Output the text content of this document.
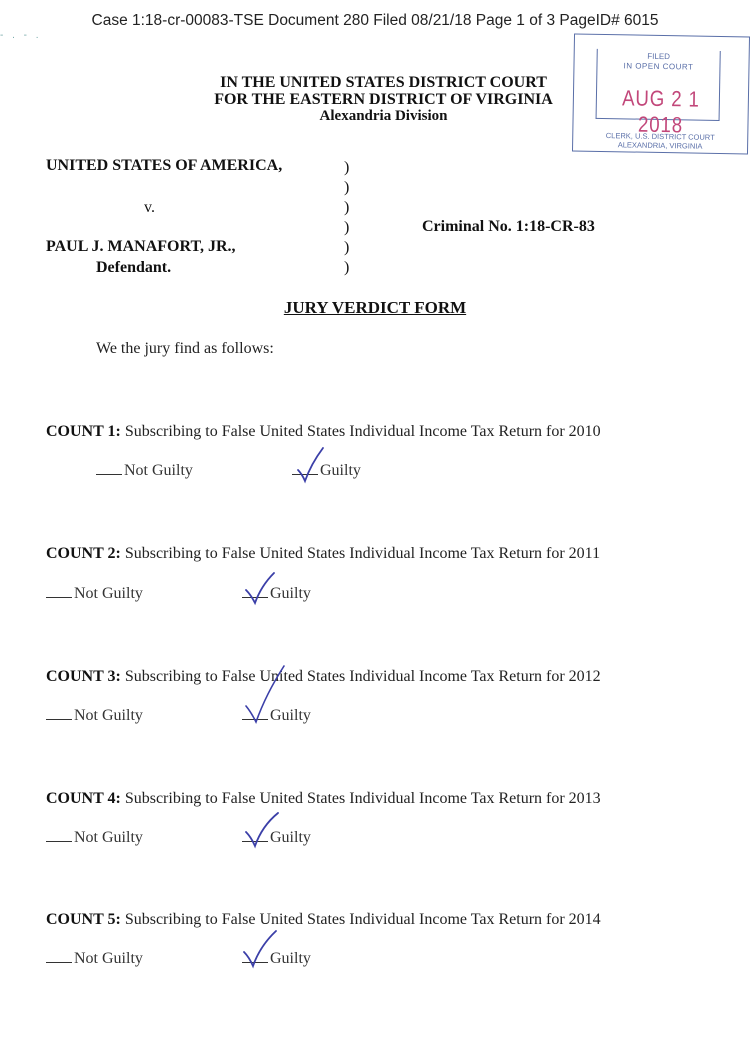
Case 1:18-cr-00083-TSE Document 280 Filed 08/21/18 Page 1 of 3 PageID# 6015
- . - .
FILED
IN OPEN COURT
AUG 2 1 2018
CLERK, U.S. DISTRICT COURT
ALEXANDRIA, VIRGINIA
IN THE UNITED STATES DISTRICT COURT
FOR THE EASTERN DISTRICT OF VIRGINIA
Alexandria Division
UNITED STATES OF AMERICA,
v.
PAUL J. MANAFORT, JR.,
Defendant.
Criminal No. 1:18-CR-83
)
)
)
)
)
)
JURY VERDICT FORM
We the jury find as follows:
COUNT 1: Subscribing to False United States Individual Income Tax Return for 2010
Not Guilty	Guilty
COUNT 2: Subscribing to False United States Individual Income Tax Return for 2011
Not Guilty	Guilty
COUNT 3: Subscribing to False United States Individual Income Tax Return for 2012
Not Guilty	Guilty
COUNT 4: Subscribing to False United States Individual Income Tax Return for 2013
Not Guilty	Guilty
COUNT 5: Subscribing to False United States Individual Income Tax Return for 2014
Not Guilty	Guilty
